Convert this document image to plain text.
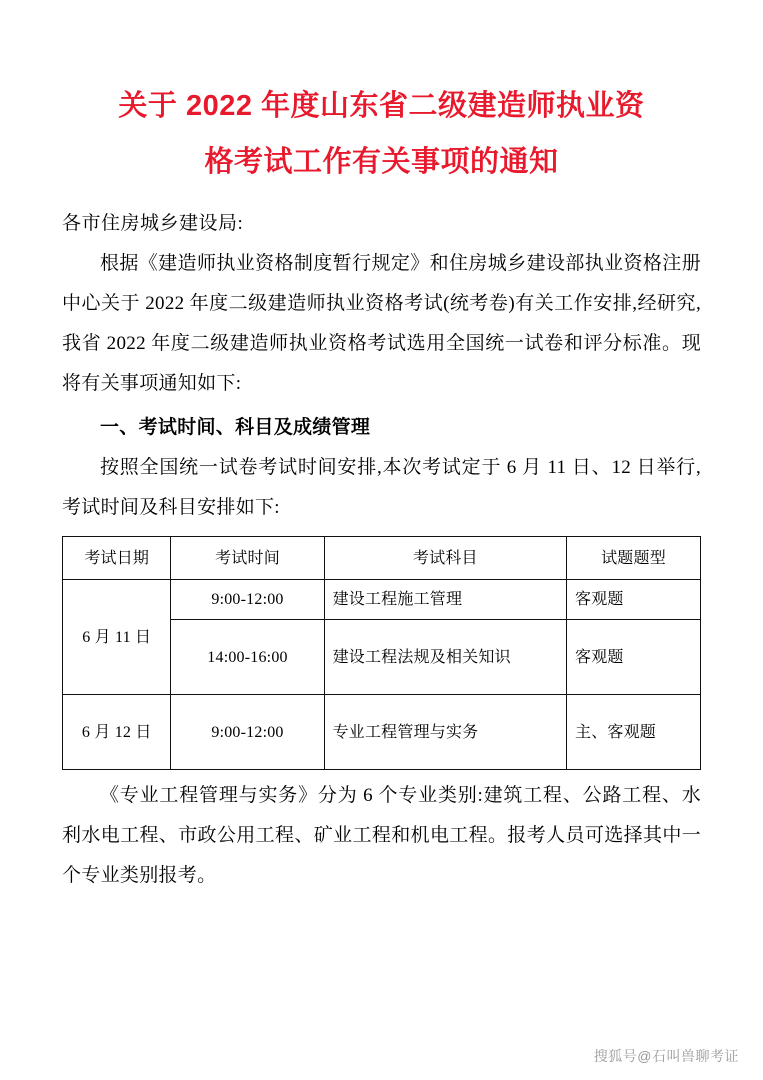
关于 2022 年度山东省二级建造师执业资
格考试工作有关事项的通知
各市住房城乡建设局:

根据《建造师执业资格制度暂行规定》和住房城乡建设部执业资格注册中心关于 2022 年度二级建造师执业资格考试(统考卷)有关工作安排,经研究,我省 2022 年度二级建造师执业资格考试选用全国统一试卷和评分标准。现将有关事项通知如下:

一、考试时间、科目及成绩管理

按照全国统一试卷考试时间安排,本次考试定于 6 月 11 日、12 日举行,考试时间及科目安排如下:

考试日期	考试时间	考试科目	试题题型
6 月 11 日	9:00-12:00	建设工程施工管理	客观题
	14:00-16:00	建设工程法规及相关知识	客观题
6 月 12 日	9:00-12:00	专业工程管理与实务	主、客观题

《专业工程管理与实务》分为 6 个专业类别:建筑工程、公路工程、水利水电工程、市政公用工程、矿业工程和机电工程。报考人员可选择其中一个专业类别报考。

搜狐号@石叫兽聊考证
